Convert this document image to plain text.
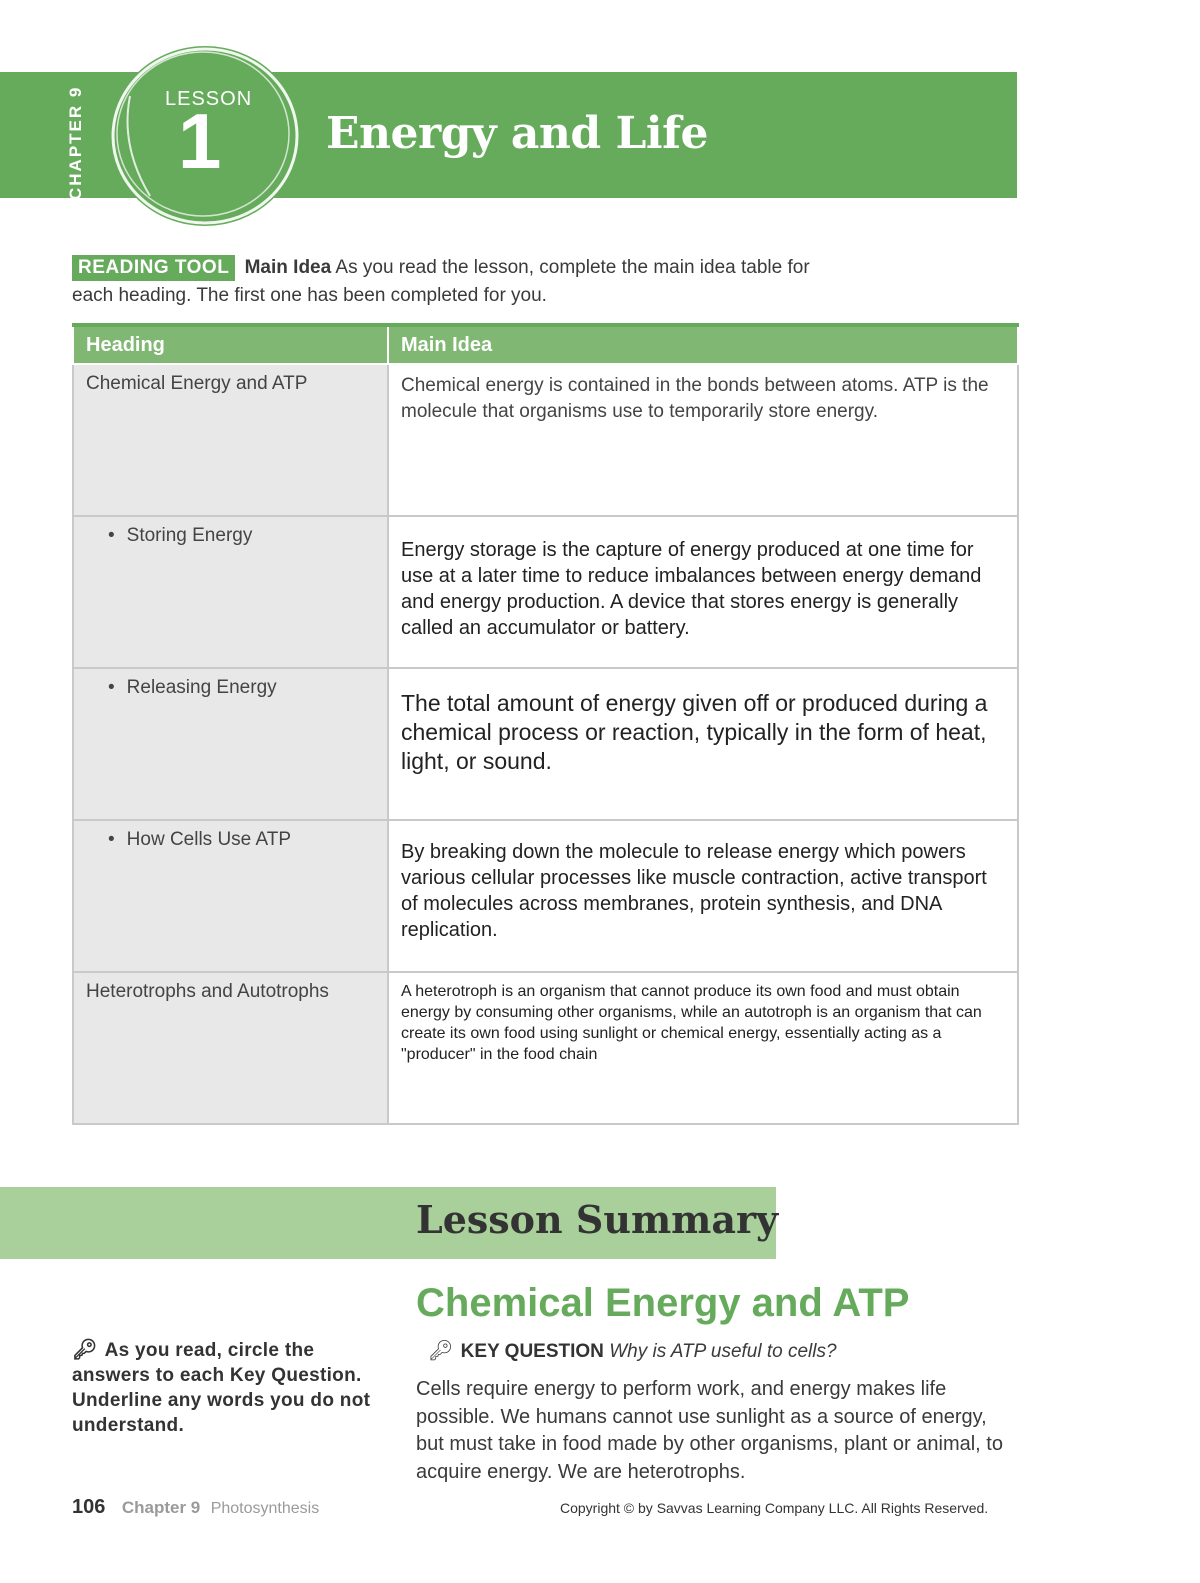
CHAPTER 9	LESSON
1 Energy and Life
READING TOOL Main Idea As you read the lesson, complete the main idea table for each heading. The first one has been completed for you.
Heading	Main Idea
Chemical Energy and ATP	Chemical energy is contained in the bonds between atoms. ATP is the molecule that organisms use to temporarily store energy.

• Storing Energy	Energy storage is the capture of energy produced at one time for use at a later time to reduce imbalances between energy demand and energy production. A device that stores energy is generally called an accumulator or battery.

• Releasing Energy	The total amount of energy given off or produced during a chemical process or reaction, typically in the form of heat, light, or sound.

• How Cells Use ATP	By breaking down the molecule to release energy which powers various cellular processes like muscle contraction, active transport of molecules across membranes, protein synthesis, and DNA replication.

Heterotrophs and Autotrophs	A heterotroph is an organism that cannot produce its own food and must obtain energy by consuming other organisms, while an autotroph is an organism that can create its own food using sunlight or chemical energy, essentially acting as a "producer" in the food chain
Lesson Summary
Chemical Energy and ATP
🔑︎ KEY QUESTION Why is ATP useful to cells?
Cells require energy to perform work, and energy makes life possible. We humans cannot use sunlight as a source of energy, but must take in food made by other organisms, plant or animal, to acquire energy. We are heterotrophs.
🔑︎ As you read, circle the answers to each Key Question. Underline any words you do not understand.
106 Chapter 9 Photosynthesis	Copyright © by Savvas Learning Company LLC. All Rights Reserved.
